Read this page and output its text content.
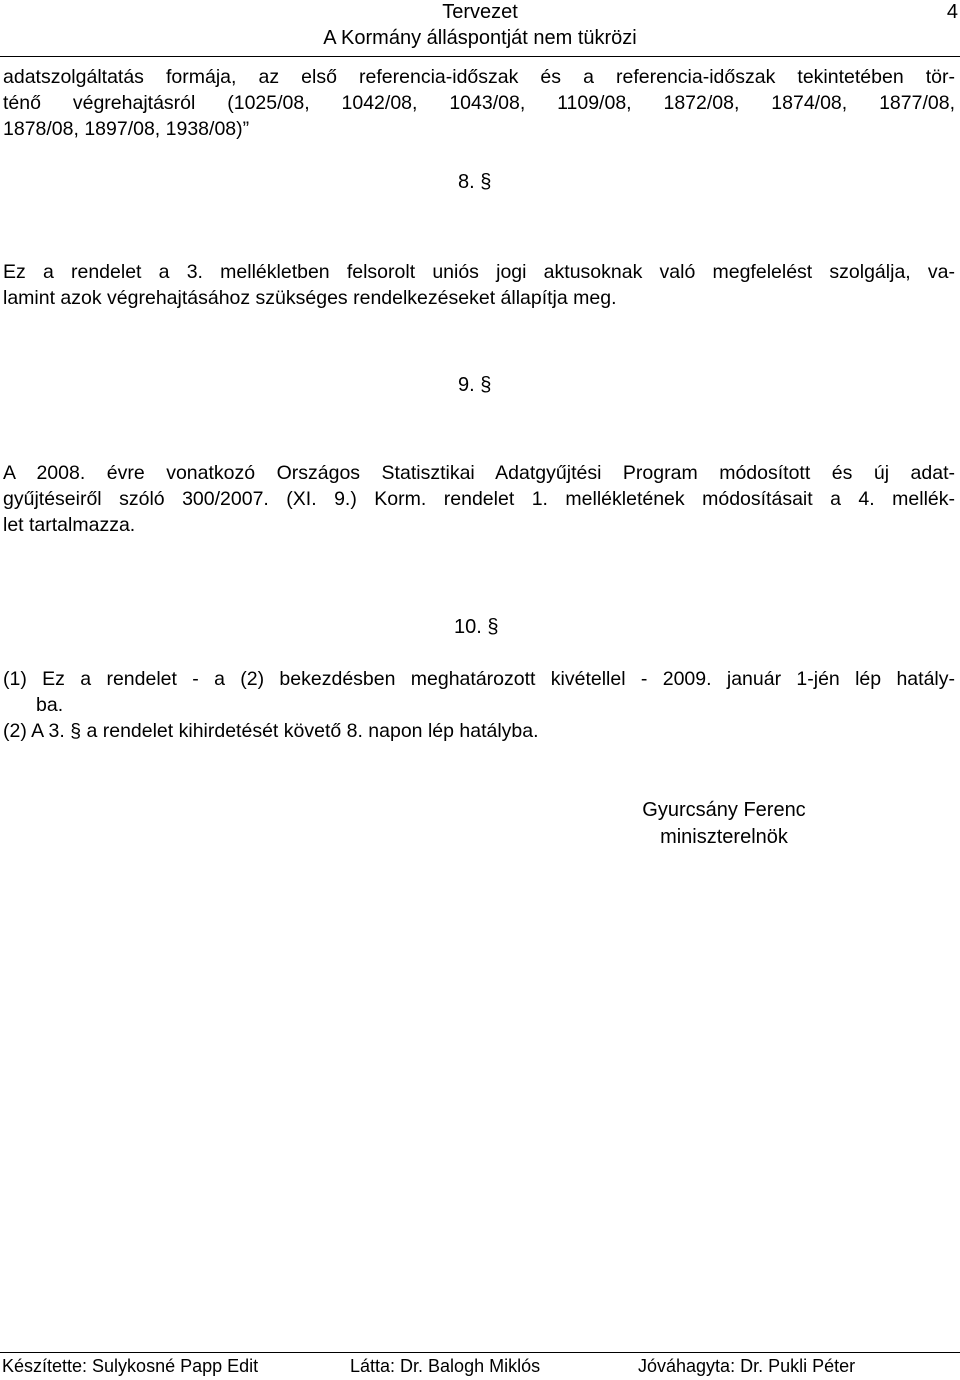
Tervezet
A Kormány álláspontját nem tükrözi
4
adatszolgáltatás formája, az első referencia-időszak és a referencia-időszak tekintetében tör-
ténő végrehajtásról (1025/08, 1042/08, 1043/08, 1109/08, 1872/08, 1874/08, 1877/08,
1878/08, 1897/08, 1938/08)”
8. §
Ez a rendelet a 3. mellékletben felsorolt uniós jogi aktusoknak való megfelelést szolgálja, va-
lamint azok végrehajtásához szükséges rendelkezéseket állapítja meg.
9. §
A 2008. évre vonatkozó Országos Statisztikai Adatgyűjtési Program módosított és új adat-
gyűjtéseiről szóló 300/2007. (XI. 9.) Korm. rendelet 1. mellékletének módosításait a 4. mellék-
let tartalmazza.
10. §
(1) Ez a rendelet - a (2) bekezdésben meghatározott kivétellel - 2009. január 1-jén lép hatály-
ba.
(2) A 3. § a rendelet kihirdetését követő 8. napon lép hatályba.
Gyurcsány Ferenc
miniszterelnök
Készítette: Sulykosné Papp Edit	Látta: Dr. Balogh Miklós	Jóváhagyta: Dr. Pukli Péter
